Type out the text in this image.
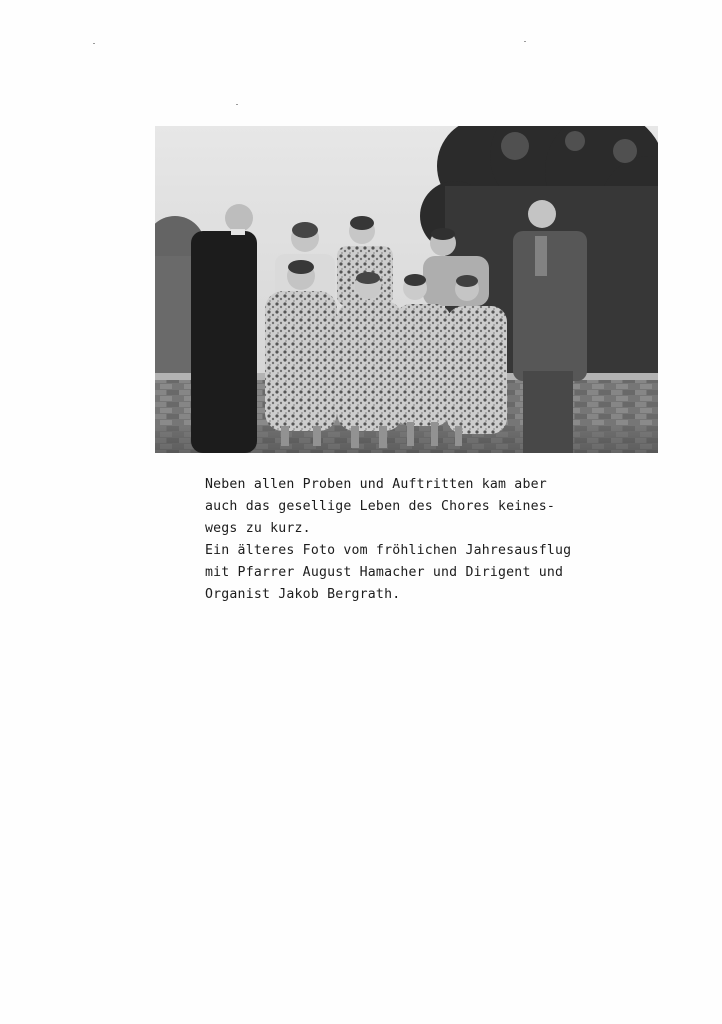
Neben allen Proben und Auftritten kam aber
auch das gesellige Leben des Chores keines-
wegs zu kurz.
Ein älteres Foto vom fröhlichen Jahresausflug
mit Pfarrer August Hamacher und Dirigent und
Organist Jakob Bergrath.
